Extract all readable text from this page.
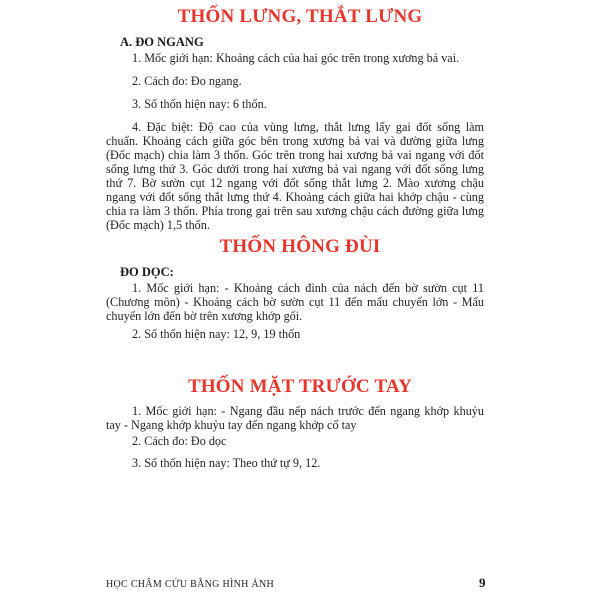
THỐN LƯNG, THẮT LƯNG

A. ĐO NGANG

1. Mốc giới hạn: Khoảng cách của hai góc trên trong xương bả vai.

2. Cách đo: Đo ngang.

3. Số thốn hiện nay: 6 thốn.

4. Đặc biệt: Độ cao của vùng lưng, thắt lưng lấy gai đốt sống làm chuẩn. Khoảng cách giữa góc bên trong xương bả vai và đường giữa lưng (Đốc mạch) chia làm 3 thốn. Góc trên trong hai xương bả vai ngang với đốt sống lưng thứ 3. Góc dưới trong hai xương bả vai ngang với đốt sống lưng thứ 7. Bờ sườn cụt 12 ngang với đốt sống thắt lưng 2. Mào xương chậu ngang với đốt sống thắt lưng thứ 4. Khoảng cách giữa hai khớp chậu - cùng chia ra làm 3 thốn. Phía trong gai trên sau xương chậu cách đường giữa lưng (Đốc mạch) 1,5 thốn.

THỐN HÔNG ĐÙI

ĐO DỌC:

1. Mốc giới hạn: - Khoảng cách đỉnh của nách đến bờ sườn cụt 11 (Chương môn) - Khoảng cách bờ sườn cụt 11 đến mấu chuyển lớn - Mấu chuyển lớn đến bờ trên xương khớp gối.

2. Số thốn hiện nay: 12, 9, 19 thốn

THỐN MẶT TRƯỚC TAY

1. Mốc giới hạn: - Ngang đầu nếp nách trước đến ngang khớp khuỷu tay - Ngang khớp khuỷu tay đến ngang khớp cổ tay

2. Cách đo: Đo dọc

3. Số thốn hiện nay: Theo thứ tự 9, 12.

HỌC CHÂM CỨU BẰNG HÌNH ẢNH	9
